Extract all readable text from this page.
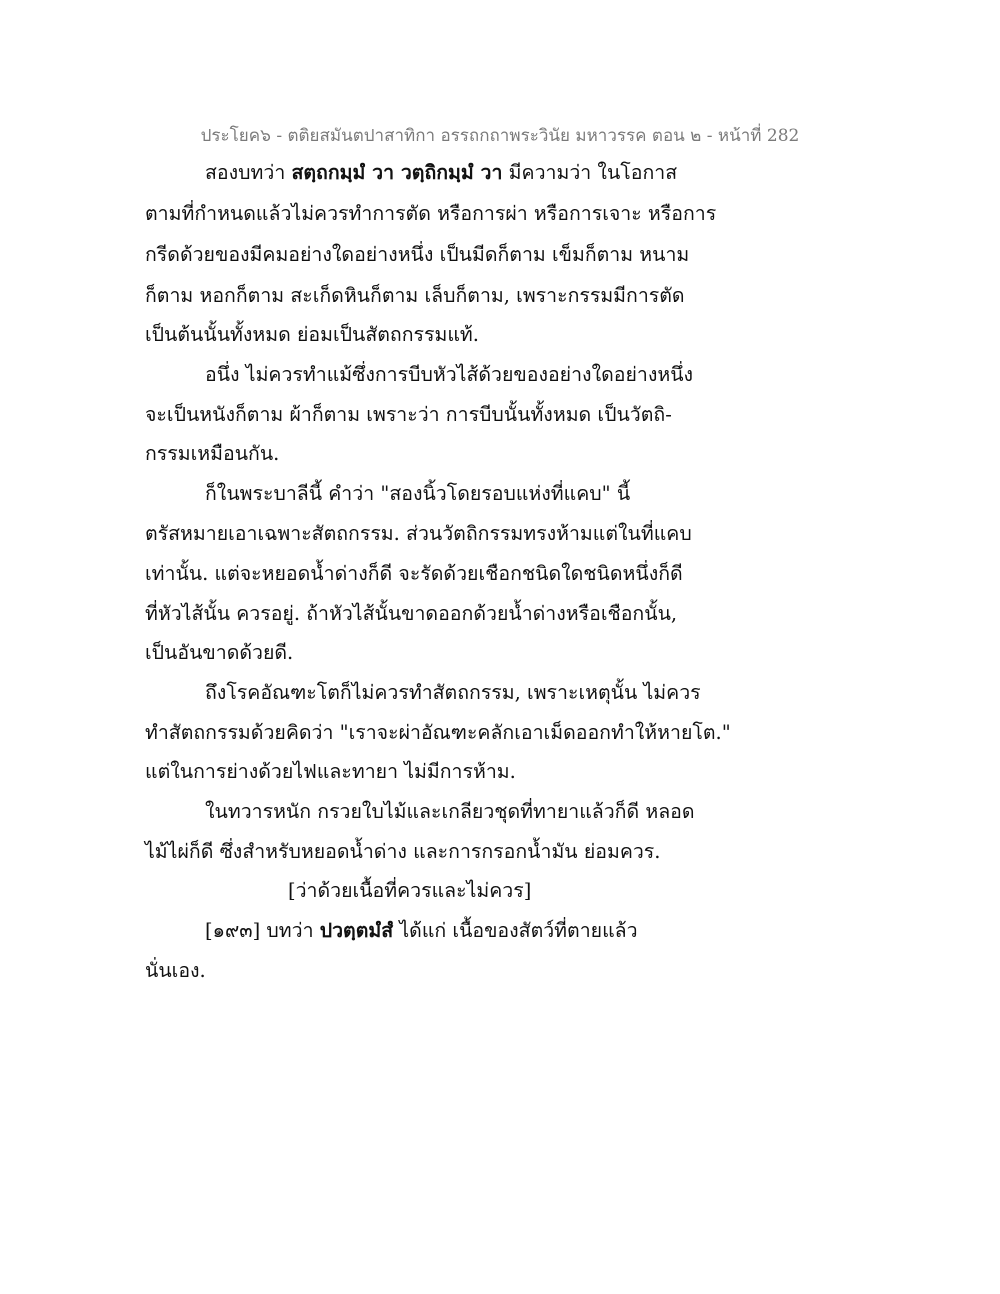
ประโยค๖ - ตติยสมันตปาสาทิกา อรรถกถาพระวินัย มหาวรรค ตอน ๒ - หน้าที่ 282
สองบทว่า สตฺถกมฺมํ วา วตฺถิกมฺมํ วา มีความว่า ในโอกาส
ตามที่กำหนดแล้วไม่ควรทำการตัด หรือการผ่า หรือการเจาะ หรือการ
กรีดด้วยของมีคมอย่างใดอย่างหนึ่ง เป็นมีดก็ตาม เข็มก็ตาม หนาม
ก็ตาม หอกก็ตาม สะเก็ดหินก็ตาม เล็บก็ตาม, เพราะกรรมมีการตัด
เป็นต้นนั้นทั้งหมด ย่อมเป็นสัตถกรรมแท้.
อนึ่ง ไม่ควรทำแม้ซึ่งการบีบหัวไส้ด้วยของอย่างใดอย่างหนึ่ง
จะเป็นหนังก็ตาม ผ้าก็ตาม เพราะว่า การบีบนั้นทั้งหมด เป็นวัตถิ-
กรรมเหมือนกัน.
ก็ในพระบาลีนี้ คำว่า "สองนิ้วโดยรอบแห่งที่แคบ" นี้
ตรัสหมายเอาเฉพาะสัตถกรรม. ส่วนวัตถิกรรมทรงห้ามแต่ในที่แคบ
เท่านั้น. แต่จะหยอดน้ำด่างก็ดี จะรัดด้วยเชือกชนิดใดชนิดหนึ่งก็ดี
ที่หัวไส้นั้น ควรอยู่. ถ้าหัวไส้นั้นขาดออกด้วยน้ำด่างหรือเชือกนั้น,
เป็นอันขาดด้วยดี.
ถึงโรคอัณฑะโตก็ไม่ควรทำสัตถกรรม, เพราะเหตุนั้น ไม่ควร
ทำสัตถกรรมด้วยคิดว่า "เราจะผ่าอัณฑะคลักเอาเม็ดออกทำให้หายโต."
แต่ในการย่างด้วยไฟและทายา ไม่มีการห้าม.
ในทวารหนัก กรวยใบไม้และเกลียวชุดที่ทายาแล้วก็ดี หลอด
ไม้ไผ่ก็ดี ซึ่งสำหรับหยอดน้ำด่าง และการกรอกน้ำมัน ย่อมควร.
[ว่าด้วยเนื้อที่ควรและไม่ควร]
[๑๙๓] บทว่า ปวตฺตมํสํ ได้แก่ เนื้อของสัตว์ที่ตายแล้ว
นั่นเอง.
